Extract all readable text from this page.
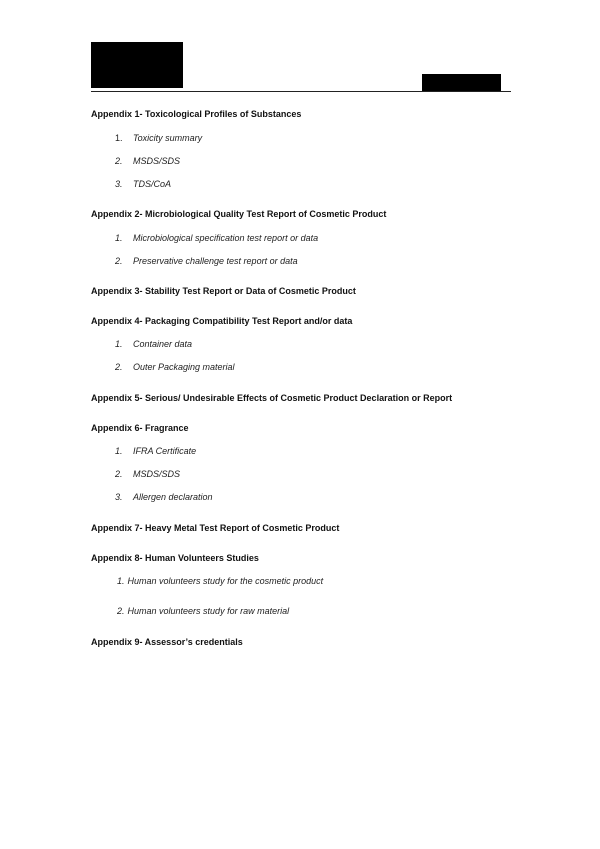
Appendix 1- Toxicological Profiles of Substances

1.	Toxicity summary
2.	MSDS/SDS
3.	TDS/CoA

Appendix 2- Microbiological Quality Test Report of Cosmetic Product

1.	Microbiological specification test report or data
2.	Preservative challenge test report or data

Appendix 3- Stability Test Report or Data of Cosmetic Product

Appendix 4- Packaging Compatibility Test Report and/or data

1.	Container data
2.	Outer Packaging material

Appendix 5- Serious/ Undesirable Effects of Cosmetic Product Declaration or Report

Appendix 6- Fragrance

1.	IFRA Certificate
2.	MSDS/SDS
3.	Allergen declaration

Appendix 7- Heavy Metal Test Report of Cosmetic Product

Appendix 8- Human Volunteers Studies

1. Human volunteers study for the cosmetic product
2. Human volunteers study for raw material

Appendix 9- Assessor’s credentials
